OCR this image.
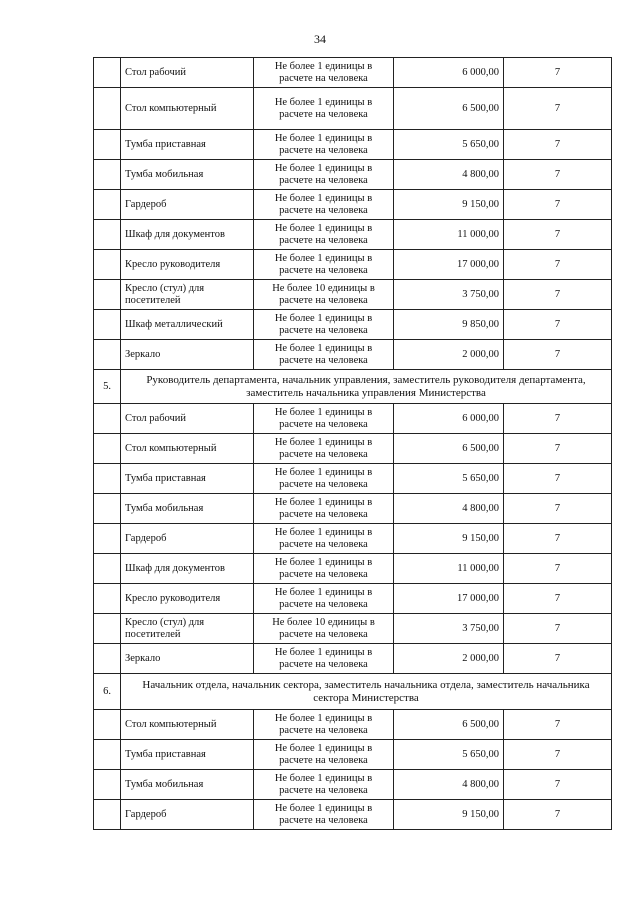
34
	Стол рабочий	Не более 1 единицы в расчете на человека	6 000,00	7
	Стол компьютерный	Не более 1 единицы в расчете на человека	6 500,00	7
	Тумба приставная	Не более 1 единицы в расчете на человека	5 650,00	7
	Тумба мобильная	Не более 1 единицы в расчете на человека	4 800,00	7
	Гардероб	Не более 1 единицы в расчете на человека	9 150,00	7
	Шкаф для документов	Не более 1 единицы в расчете на человека	11 000,00	7
	Кресло руководителя	Не более 1 единицы в расчете на человека	17 000,00	7
	Кресло (стул) для посетителей	Не более 10 единицы в расчете на человека	3 750,00	7
	Шкаф металлический	Не более 1 единицы в расчете на человека	9 850,00	7
	Зеркало	Не более 1 единицы в расчете на человека	2 000,00	7
5.	Руководитель департамента, начальник управления, заместитель руководителя департамента, заместитель начальника управления Министерства			
	Стол рабочий	Не более 1 единицы в расчете на человека	6 000,00	7
	Стол компьютерный	Не более 1 единицы в расчете на человека	6 500,00	7
	Тумба приставная	Не более 1 единицы в расчете на человека	5 650,00	7
	Тумба мобильная	Не более 1 единицы в расчете на человека	4 800,00	7
	Гардероб	Не более 1 единицы в расчете на человека	9 150,00	7
	Шкаф для документов	Не более 1 единицы в расчете на человека	11 000,00	7
	Кресло руководителя	Не более 1 единицы в расчете на человека	17 000,00	7
	Кресло (стул) для посетителей	Не более 10 единицы в расчете на человека	3 750,00	7
	Зеркало	Не более 1 единицы в расчете на человека	2 000,00	7
6.	Начальник отдела, начальник сектора, заместитель начальника отдела, заместитель начальника сектора Министерства			
	Стол компьютерный	Не более 1 единицы в расчете на человека	6 500,00	7
	Тумба приставная	Не более 1 единицы в расчете на человека	5 650,00	7
	Тумба мобильная	Не более 1 единицы в расчете на человека	4 800,00	7
	Гардероб	Не более 1 единицы в расчете на человека	9 150,00	7
